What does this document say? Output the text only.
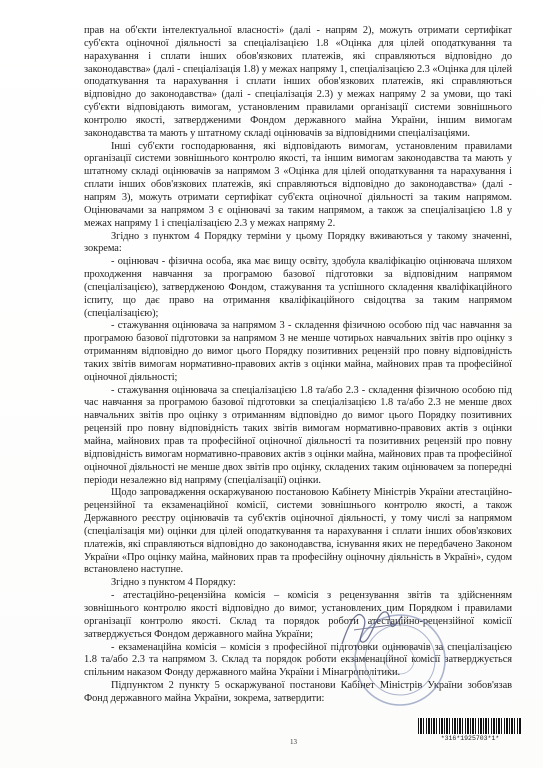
прав на об'єкти інтелектуальної власності» (далі - напрям 2), можуть отримати сертифікат суб'єкта оціночної діяльності за спеціалізацією 1.8 «Оцінка для цілей оподаткування та нарахування і сплати інших обов'язкових платежів, які справляються відповідно до законодавства» (далі - спеціалізація 1.8) у межах напряму 1, спеціалізацією 2.3 «Оцінка для цілей оподаткування та нарахування і сплати інших обов'язкових платежів, які справляються відповідно до законодавства» (далі - спеціалізація 2.3) у межах напряму 2 за умови, що такі суб'єкти відповідають вимогам, установленим правилами організації системи зовнішнього контролю якості, затвердженими Фондом державного майна України, іншим вимогам законодавства та мають у штатному складі оцінювачів за відповідними спеціалізаціями.

Інші суб'єкти господарювання, які відповідають вимогам, установленим правилами організації системи зовнішнього контролю якості, та іншим вимогам законодавства та мають у штатному складі оцінювачів за напрямом 3 «Оцінка для цілей оподаткування та нарахування і сплати інших обов'язкових платежів, які справляються відповідно до законодавства» (далі - напрям 3), можуть отримати сертифікат суб'єкта оціночної діяльності за таким напрямом. Оцінювачами за напрямом 3 є оцінювачі за таким напрямом, а також за спеціалізацією 1.8 у межах напряму 1 і спеціалізацією 2.3 у межах напряму 2.

Згідно з пунктом 4 Порядку терміни у цьому Порядку вживаються у такому значенні, зокрема:

- оцінювач - фізична особа, яка має вищу освіту, здобула кваліфікацію оцінювача шляхом проходження навчання за програмою базової підготовки за відповідним напрямом (спеціалізацією), затвердженою Фондом, стажування та успішного складення кваліфікаційного іспиту, що дає право на отримання кваліфікаційного свідоцтва за таким напрямом (спеціалізацією);

- стажування оцінювача за напрямом 3 - складення фізичною особою під час навчання за програмою базової підготовки за напрямом 3 не менше чотирьох навчальних звітів про оцінку з отриманням відповідно до вимог цього Порядку позитивних рецензій про повну відповідність таких звітів вимогам нормативно-правових актів з оцінки майна, майнових прав та професійної оціночної діяльності;

- стажування оцінювача за спеціалізацією 1.8 та/або 2.3 - складення фізичною особою під час навчання за програмою базової підготовки за спеціалізацією 1.8 та/або 2.3 не менше двох навчальних звітів про оцінку з отриманням відповідно до вимог цього Порядку позитивних рецензій про повну відповідність таких звітів вимогам нормативно-правових актів з оцінки майна, майнових прав та професійної оціночної діяльності та позитивних рецензій про повну відповідність вимогам нормативно-правових актів з оцінки майна, майнових прав та професійної оціночної діяльності не менше двох звітів про оцінку, складених таким оцінювачем за попередні періоди незалежно від напряму (спеціалізації) оцінки.

Щодо запровадження оскаржуваною постановою Кабінету Міністрів України атестаційно-рецензійної та екзаменаційної комісії, системи зовнішнього контролю якості, а також Державного реєстру оцінювачів та суб'єктів оціночної діяльності, у тому числі за напрямом (спеціалізація ми) оцінки для цілей оподаткування та нарахування і сплати інших обов'язкових платежів, які справляються відповідно до законодавства, існування яких не передбачено Законом України «Про оцінку майна, майнових прав та професійну оціночну діяльність в Україні», судом встановлено наступне.

Згідно з пунктом 4 Порядку:

- атестаційно-рецензійна комісія – комісія з рецензування звітів та здійсненням зовнішнього контролю якості відповідно до вимог, установлених цим Порядком і правилами організації контролю якості. Склад та порядок роботи атестаційно-рецензійної комісії затверджується Фондом державного майна України;

- екзаменаційна комісія – комісія з професійної підготовки оцінювачів за спеціалізацією 1.8 та/або 2.3 та напрямом 3. Склад та порядок роботи екзаменаційної комісії затверджується спільним наказом Фонду державного майна України і Мінагрополітики.

Підпунктом 2 пункту 5 оскаржуваної постанови Кабінет Міністрів України зобов'язав Фонд державного майна України, зокрема, затвердити:

13	*316*1925703*1*
